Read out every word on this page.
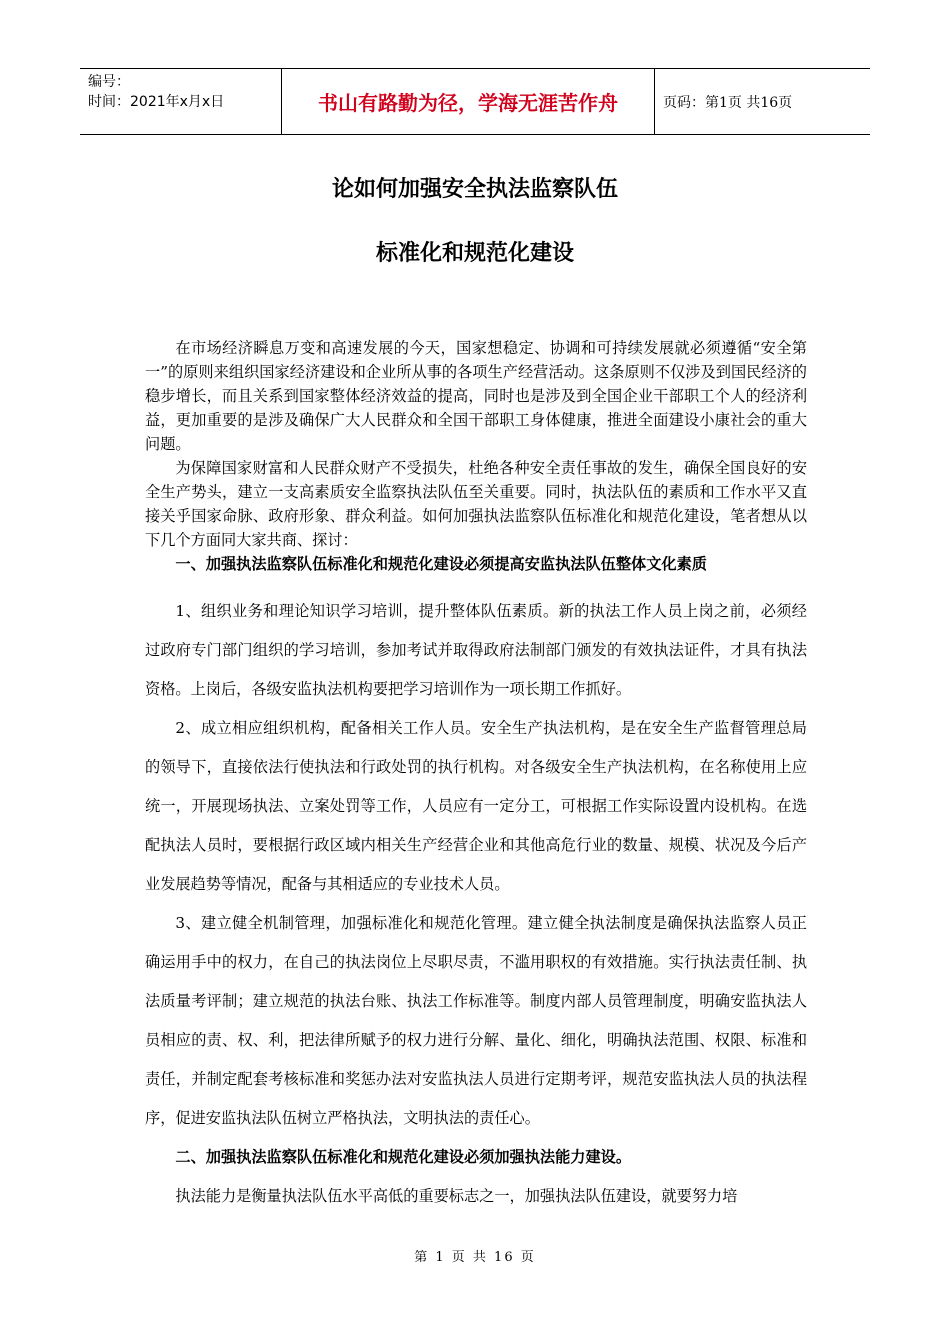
编号：
时间：2021年x月x日	书山有路勤为径，学海无涯苦作舟	页码：第1页 共16页
论如何加强安全执法监察队伍
标准化和规范化建设

在市场经济瞬息万变和高速发展的今天，国家想稳定、协调和可持续发展就必须遵循“安全第一”的原则来组织国家经济建设和企业所从事的各项生产经营活动。这条原则不仅涉及到国民经济的稳步增长，而且关系到国家整体经济效益的提高，同时也是涉及到全国企业干部职工个人的经济利益，更加重要的是涉及确保广大人民群众和全国干部职工身体健康，推进全面建设小康社会的重大问题。

为保障国家财富和人民群众财产不受损失，杜绝各种安全责任事故的发生，确保全国良好的安全生产势头，建立一支高素质安全监察执法队伍至关重要。同时，执法队伍的素质和工作水平又直接关乎国家命脉、政府形象、群众利益。如何加强执法监察队伍标准化和规范化建设，笔者想从以下几个方面同大家共商、探讨：

一、加强执法监察队伍标准化和规范化建设必须提高安监执法队伍整体文化素质

1、组织业务和理论知识学习培训，提升整体队伍素质。新的执法工作人员上岗之前，必须经过政府专门部门组织的学习培训，参加考试并取得政府法制部门颁发的有效执法证件，才具有执法资格。上岗后，各级安监执法机构要把学习培训作为一项长期工作抓好。

2、成立相应组织机构，配备相关工作人员。安全生产执法机构，是在安全生产监督管理总局的领导下，直接依法行使执法和行政处罚的执行机构。对各级安全生产执法机构，在名称使用上应统一，开展现场执法、立案处罚等工作，人员应有一定分工，可根据工作实际设置内设机构。在选配执法人员时，要根据行政区域内相关生产经营企业和其他高危行业的数量、规模、状况及今后产业发展趋势等情况，配备与其相适应的专业技术人员。

3、建立健全机制管理，加强标准化和规范化管理。建立健全执法制度是确保执法监察人员正确运用手中的权力，在自己的执法岗位上尽职尽责，不滥用职权的有效措施。实行执法责任制、执法质量考评制；建立规范的执法台账、执法工作标准等。制度内部人员管理制度，明确安监执法人员相应的责、权、利，把法律所赋予的权力进行分解、量化、细化，明确执法范围、权限、标准和责任，并制定配套考核标准和奖惩办法对安监执法人员进行定期考评，规范安监执法人员的执法程序，促进安监执法队伍树立严格执法，文明执法的责任心。

二、加强执法监察队伍标准化和规范化建设必须加强执法能力建设。

执法能力是衡量执法队伍水平高低的重要标志之一，加强执法队伍建设，就要努力培

第 1 页 共 16 页
